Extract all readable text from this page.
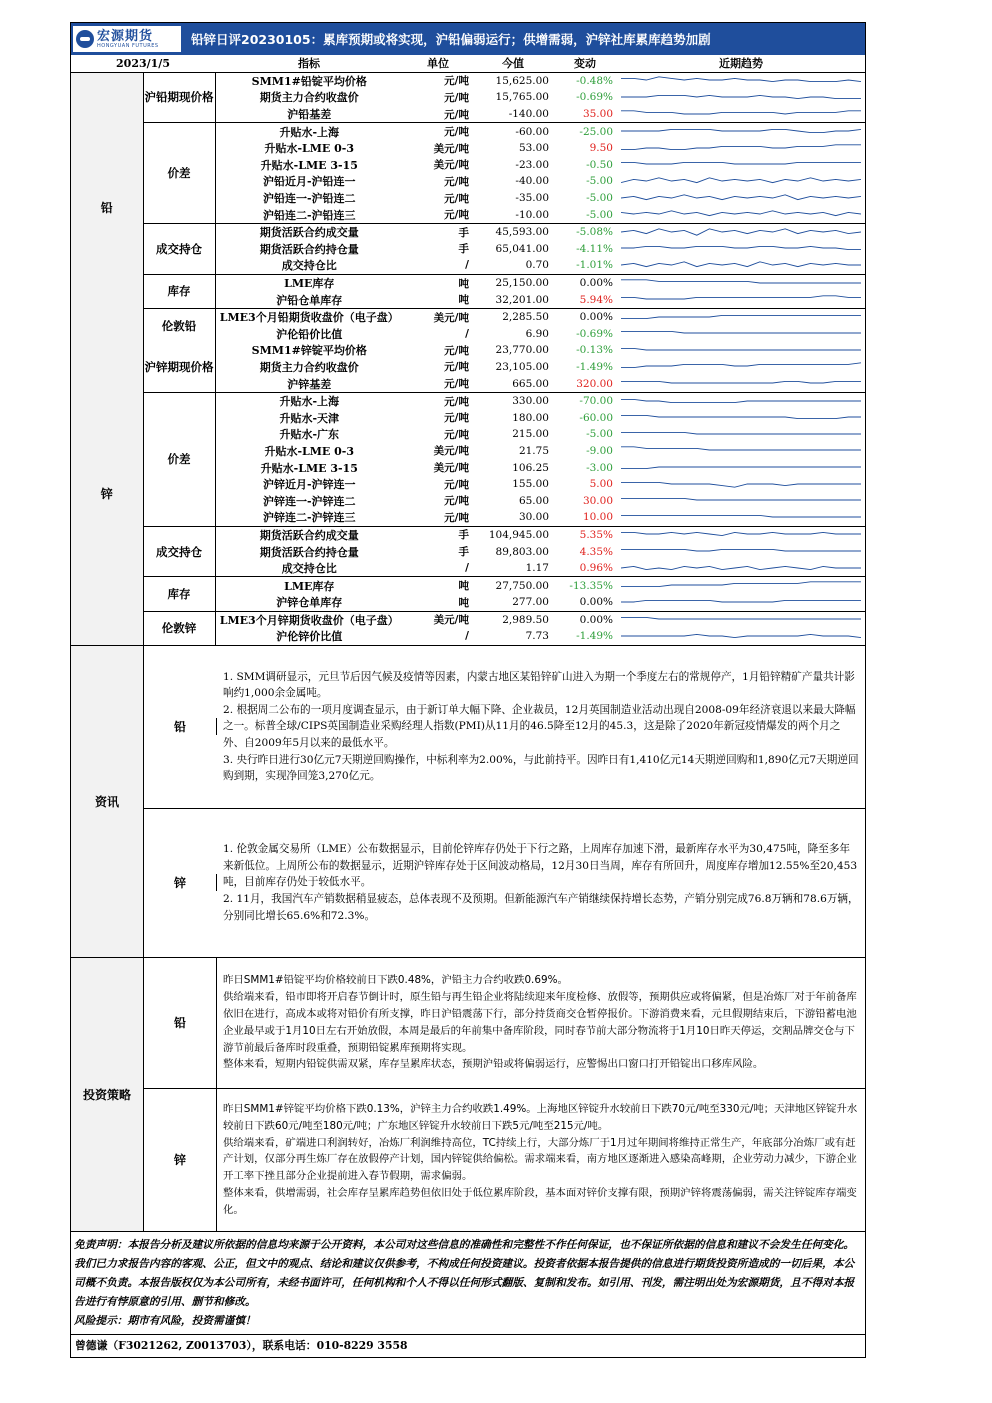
宏源期货
HONGYUAN FUTURES	铅锌日评20230105：累库预期或将实现，沪铅偏弱运行；供增需弱，沪锌社库累库趋势加剧
2023/1/5		指标	单位	今值	变动	近期趋势
铅	沪铅期现价格	SMM1#铅锭平均价格	元/吨	15,625.00	-0.48%	

		期货主力合约收盘价	元/吨	15,765.00	-0.69%	

		沪铅基差	元/吨	-140.00	35.00	

	价差	升贴水-上海	元/吨	-60.00	-25.00	

		升贴水-LME 0-3	美元/吨	53.00	9.50	

		升贴水-LME 3-15	美元/吨	-23.00	-0.50	

		沪铅近月-沪铅连一	元/吨	-40.00	-5.00	

		沪铅连一-沪铅连二	元/吨	-35.00	-5.00	

		沪铅连二-沪铅连三	元/吨	-10.00	-5.00	

	成交持仓	期货活跃合约成交量	手	45,593.00	-5.08%	

		期货活跃合约持仓量	手	65,041.00	-4.11%	

		成交持仓比	/	0.70	-1.01%	

	库存	LME库存	吨	25,150.00	0.00%	

		沪铅仓单库存	吨	32,201.00	5.94%	

	伦敦铅	LME3个月铅期货收盘价（电子盘）	美元/吨	2,285.50	0.00%	

		沪伦铅价比值	/	6.90	-0.69%	

锌	沪锌期现价格	SMM1#锌锭平均价格	元/吨	23,770.00	-0.13%	

		期货主力合约收盘价	元/吨	23,105.00	-1.49%	

		沪锌基差	元/吨	665.00	320.00	

	价差	升贴水-上海	元/吨	330.00	-70.00	

		升贴水-天津	元/吨	180.00	-60.00	

		升贴水-广东	元/吨	215.00	-5.00	

		升贴水-LME 0-3	美元/吨	21.75	-9.00	

		升贴水-LME 3-15	美元/吨	106.25	-3.00	

		沪锌近月-沪锌连一	元/吨	155.00	5.00	

		沪锌连一-沪锌连二	元/吨	65.00	30.00	

		沪锌连二-沪锌连三	元/吨	30.00	10.00	

	成交持仓	期货活跃合约成交量	手	104,945.00	5.35%	

		期货活跃合约持仓量	手	89,803.00	4.35%	

		成交持仓比	/	1.17	0.96%	

	库存	LME库存	吨	27,750.00	-13.35%	

		沪锌仓单库存	吨	277.00	0.00%	

	伦敦锌	LME3个月锌期货收盘价（电子盘）	美元/吨	2,989.50	0.00%	

		沪伦锌价比值	/	7.73	-1.49%	
资讯
铅

1. SMM调研显示，元旦节后因气候及疫情等因素，内蒙古地区某铅锌矿山进入为期一个季度左右的常规停产，1月铅锌精矿产量共计影响约1,000余金属吨。

2. 根据周二公布的一项月度调查显示，由于新订单大幅下降、企业裁员，12月英国制造业活动出现自2008-09年经济衰退以来最大降幅之一。标普全球/CIPS英国制造业采购经理人指数(PMI)从11月的46.5降至12月的45.3，这是除了2020年新冠疫情爆发的两个月之外、自2009年5月以来的最低水平。

3. 央行昨日进行30亿元7天期逆回购操作，中标利率为2.00%，与此前持平。因昨日有1,410亿元14天期逆回购和1,890亿元7天期逆回购到期，实现净回笼3,270亿元。

锌

1. 伦敦金属交易所（LME）公布数据显示，目前伦锌库存仍处于下行之路，上周库存加速下滑，最新库存水平为30,475吨，降至多年来新低位。上周所公布的数据显示，近期沪锌库存处于区间波动格局，12月30日当周，库存有所回升，周度库存增加12.55%至20,453吨，目前库存仍处于较低水平。

2. 11月，我国汽车产销数据稍显疲态，总体表现不及预期。但新能源汽车产销继续保持增长态势，产销分别完成76.8万辆和78.6万辆，分别同比增长65.6%和72.3%。

投资策略
铅

昨日SMM1#铅锭平均价格较前日下跌0.48%，沪铅主力合约收跌0.69%。

供给端来看，铅市即将开启春节倒计时，原生铅与再生铅企业将陆续迎来年度检修、放假等，预期供应或将偏紧，但是冶炼厂对于年前备库依旧在进行，高成本或将对铅价有所支撑，昨日沪铅震荡下行，部分持货商交仓暂停报价。下游消费来看，元旦假期结束后，下游铅蓄电池企业最早或于1月10日左右开始放假，本周是最后的年前集中备库阶段，同时春节前大部分物流将于1月10日昨天停运，交割品牌交仓与下游节前最后备库时段重叠，预期铅锭累库预期将实现。

整体来看，短期内铅锭供需双紧，库存呈累库状态，预期沪铅或将偏弱运行，应警惕出口窗口打开铅锭出口移库风险。

锌

昨日SMM1#锌锭平均价格下跌0.13%，沪锌主力合约收跌1.49%。上海地区锌锭升水较前日下跌70元/吨至330元/吨；天津地区锌锭升水较前日下跌60元/吨至180元/吨；广东地区锌锭升水较前日下跌5元/吨至215元/吨。

供给端来看，矿端进口利润转好，冶炼厂利润维持高位，TC持续上行，大部分炼厂于1月过年期间将维持正常生产，年底部分冶炼厂或有赶产计划，仅部分再生炼厂存在放假停产计划，国内锌锭供给偏松。需求端来看，南方地区逐渐进入感染高峰期，企业劳动力减少，下游企业开工率下挫且部分企业提前进入春节假期，需求偏弱。

整体来看，供增需弱，社会库存呈累库趋势但依旧处于低位累库阶段，基本面对锌价支撑有限，预期沪锌将震荡偏弱，需关注锌锭库存端变化。

免责声明：本报告分析及建议所依据的信息均来源于公开资料，本公司对这些信息的准确性和完整性不作任何保证，也不保证所依据的信息和建议不会发生任何变化。我们已力求报告内容的客观、公正，但文中的观点、结论和建议仅供参考，不构成任何投资建议。投资者依据本报告提供的信息进行期货投资所造成的一切后果，本公司概不负责。本报告版权仅为本公司所有，未经书面许可，任何机构和个人不得以任何形式翻版、复制和发布。如引用、刊发，需注明出处为宏源期货，且不得对本报告进行有悖原意的引用、删节和修改。
风险提示：期市有风险，投资需谨慎！
曾德谦（F3021262, Z0013703），联系电话：010-8229 3558
